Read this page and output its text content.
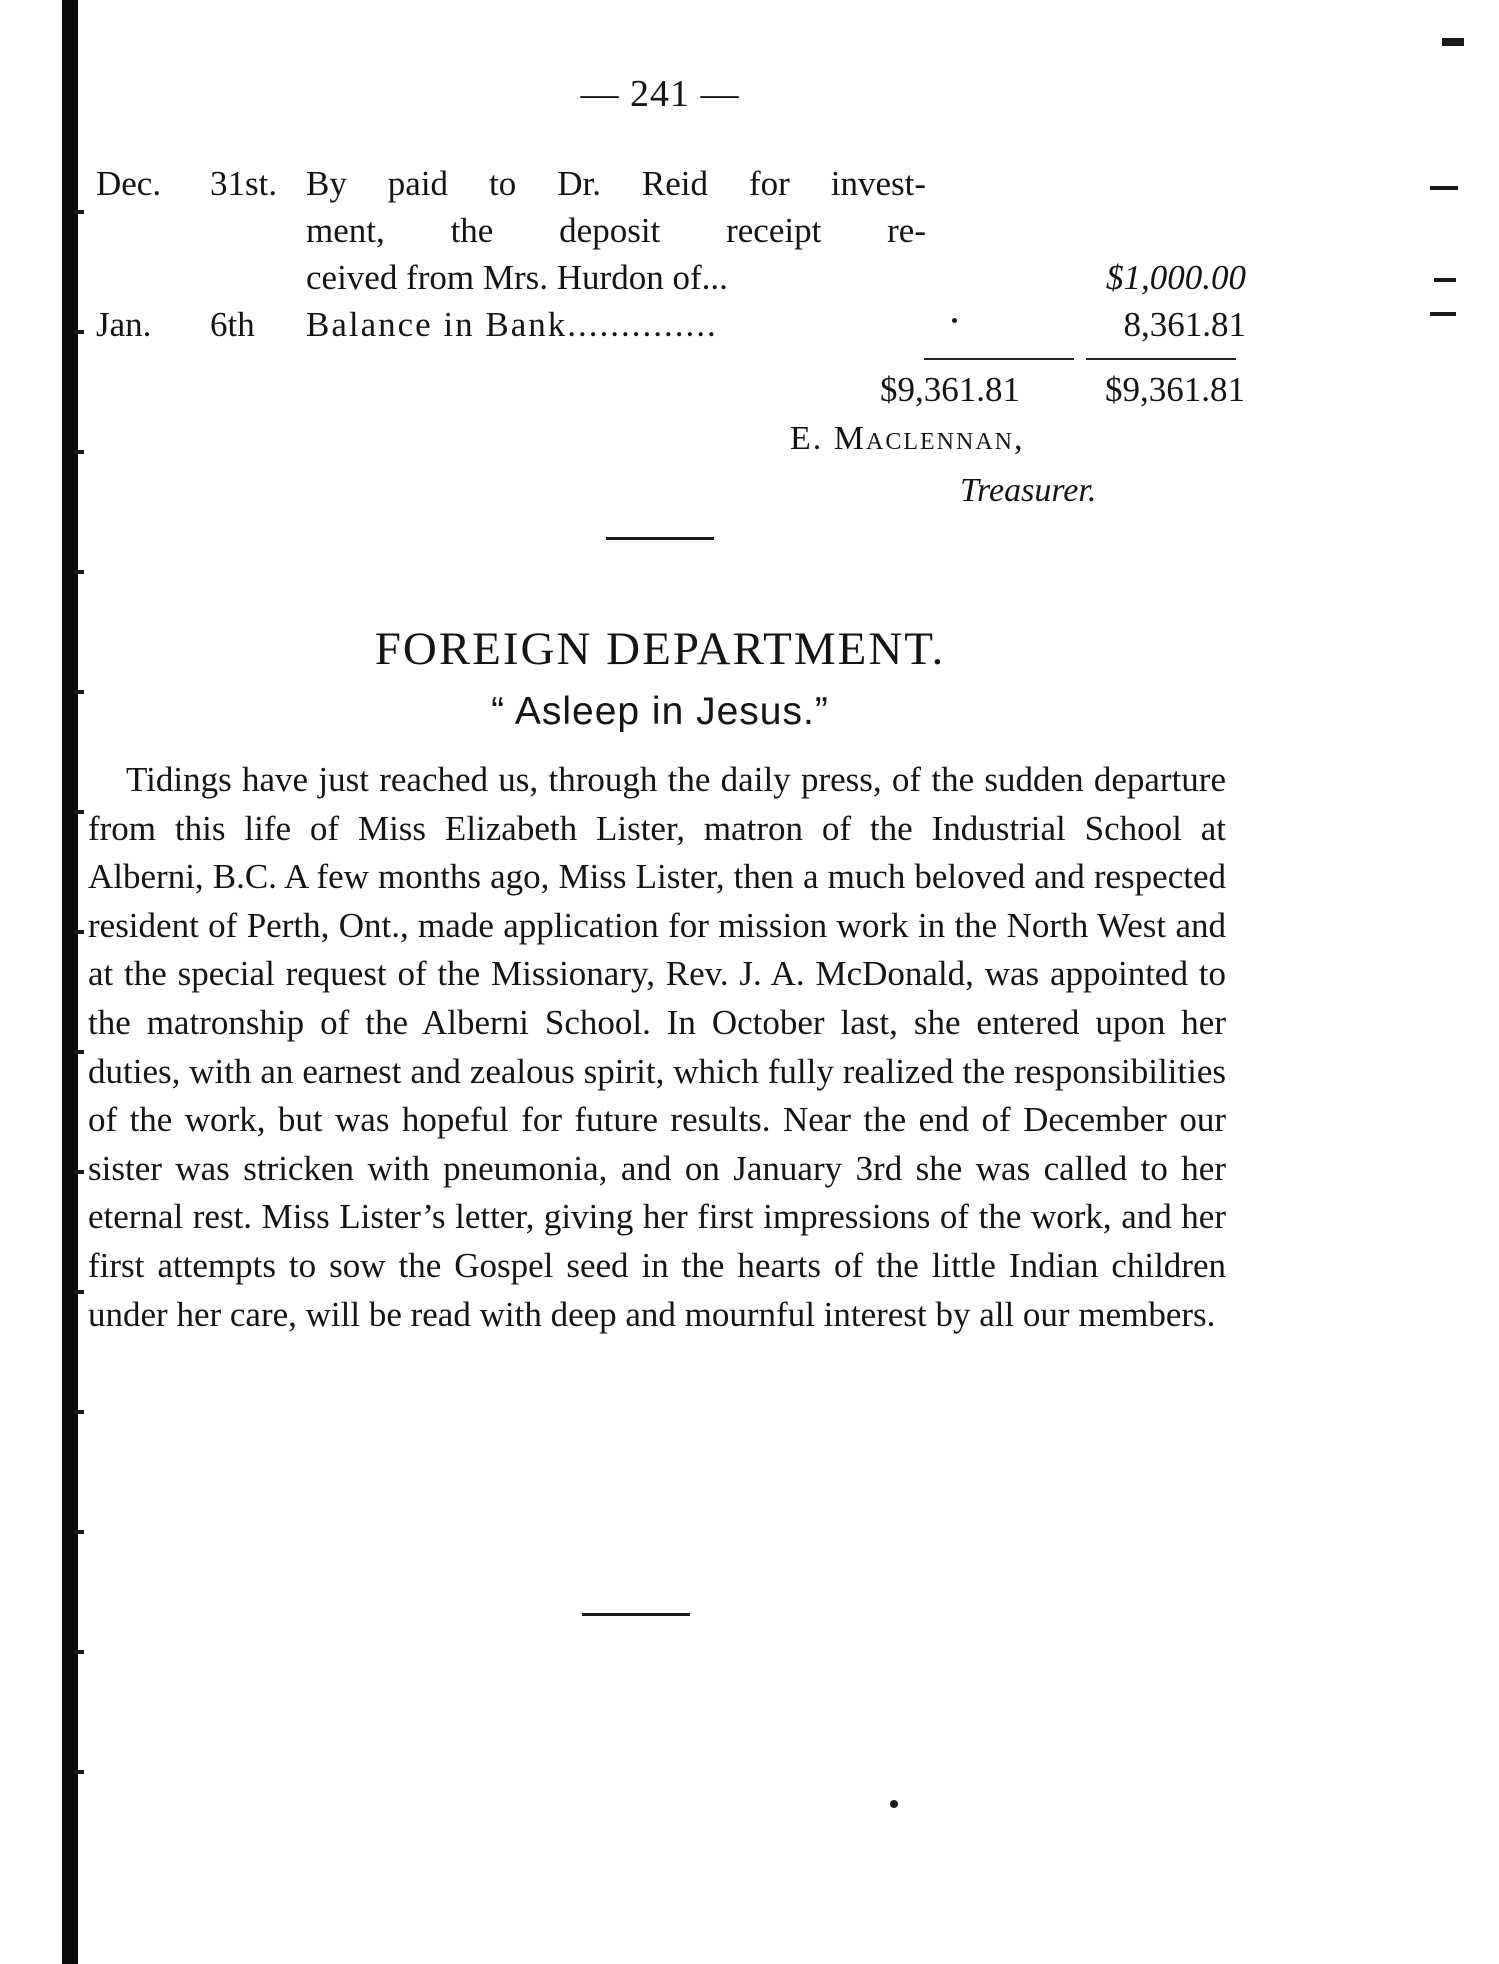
— 241 —
Dec.	31st. By paid to Dr. Reid for invest-
ment, the deposit receipt re-
ceived from Mrs. Hurdon of...	$1,000.00
Jan.	6th	Balance in Bank..............	8,361.81
$9,361.81 $9,361.81
E. Maclennan,
Treasurer.
FOREIGN DEPARTMENT.
“ Asleep in Jesus.”

Tidings have just reached us, through the daily press, of the sudden departure from this life of Miss Elizabeth Lister, matron of the Industrial School at Alberni, B.C. A few months ago, Miss Lister, then a much beloved and respected resident of Perth, Ont., made application for mission work in the North West and at the special request of the Missionary, Rev. J. A. McDonald, was appointed to the matronship of the Alberni School. In October last, she entered upon her duties, with an earnest and zealous spirit, which fully realized the responsibilities of the work, but was hopeful for future results. Near the end of December our sister was stricken with pneumonia, and on January 3rd she was called to her eternal rest. Miss Lister’s letter, giving her first impressions of the work, and her first attempts to sow the Gospel seed in the hearts of the little Indian children under her care, will be read with deep and mournful interest by all our members.
